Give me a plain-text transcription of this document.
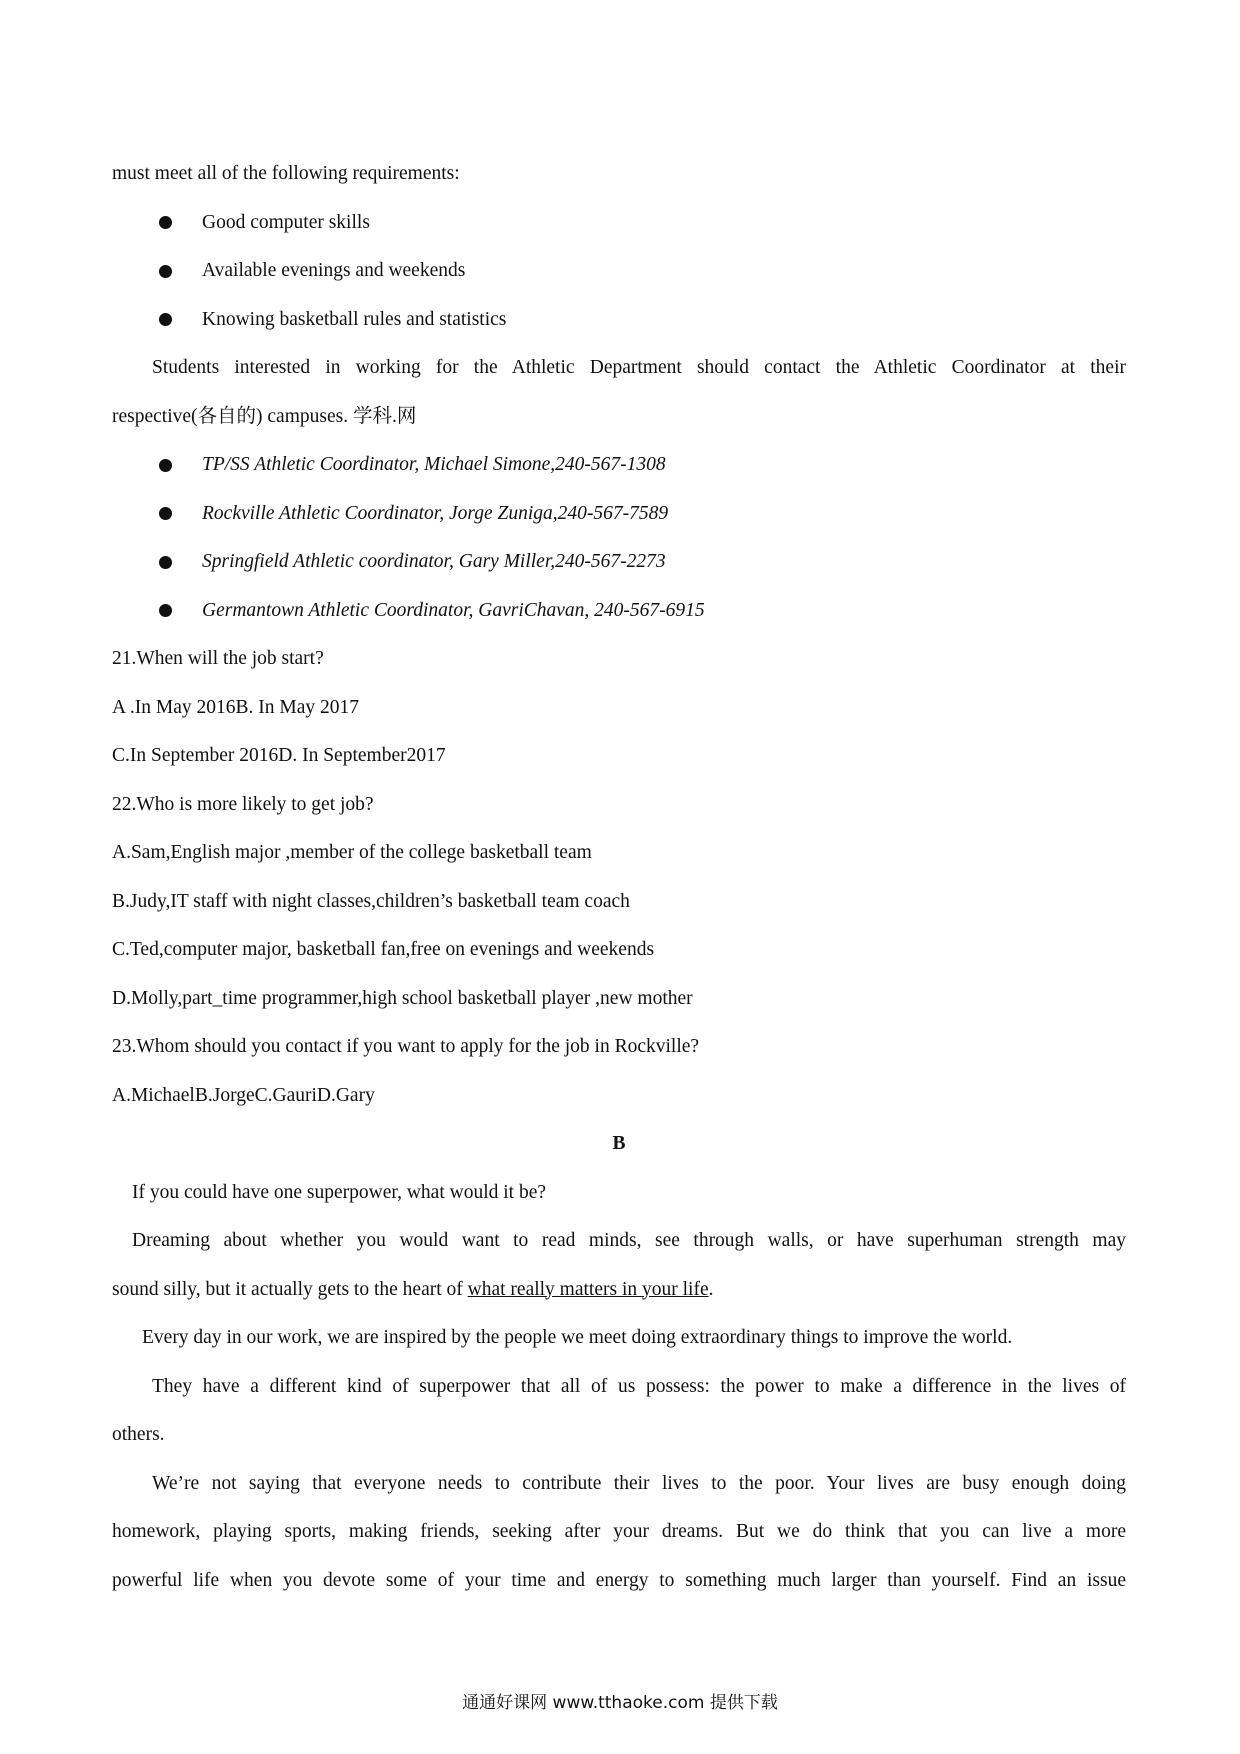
must meet all of the following requirements:
Good computer skills
Available evenings and weekends
Knowing basketball rules and statistics
Students interested in working for the Athletic Department should contact the Athletic Coordinator at their
respective(各自的) campuses. 学科.网
TP/SS Athletic Coordinator, Michael Simone,240-567-1308
Rockville Athletic Coordinator, Jorge Zuniga,240-567-7589
Springfield Athletic coordinator, Gary Miller,240-567-2273
Germantown Athletic Coordinator, GavriChavan, 240-567-6915
21.When will the job start?
A .In May 2016B. In May 2017
C.In September 2016D. In September2017
22.Who is more likely to get job?
A.Sam,English major ,member of the college basketball team
B.Judy,IT staff with night classes,children’s basketball team coach
C.Ted,computer major, basketball fan,free on evenings and weekends
D.Molly,part_time programmer,high school basketball player ,new mother
23.Whom should you contact if you want to apply for the job in Rockville?
A.MichaelB.JorgeC.GauriD.Gary
B
If you could have one superpower, what would it be?
Dreaming about whether you would want to read minds, see through walls, or have superhuman strength may
sound silly, but it actually gets to the heart of what really matters in your life.
Every day in our work, we are inspired by the people we meet doing extraordinary things to improve the world.
They have a different kind of superpower that all of us possess: the power to make a difference in the lives of
others.
We’re not saying that everyone needs to contribute their lives to the poor. Your lives are busy enough doing
homework, playing sports, making friends, seeking after your dreams. But we do think that you can live a more
powerful life when you devote some of your time and energy to something much larger than yourself. Find an issue
通通好课网 www.tthaoke.com 提供下载
